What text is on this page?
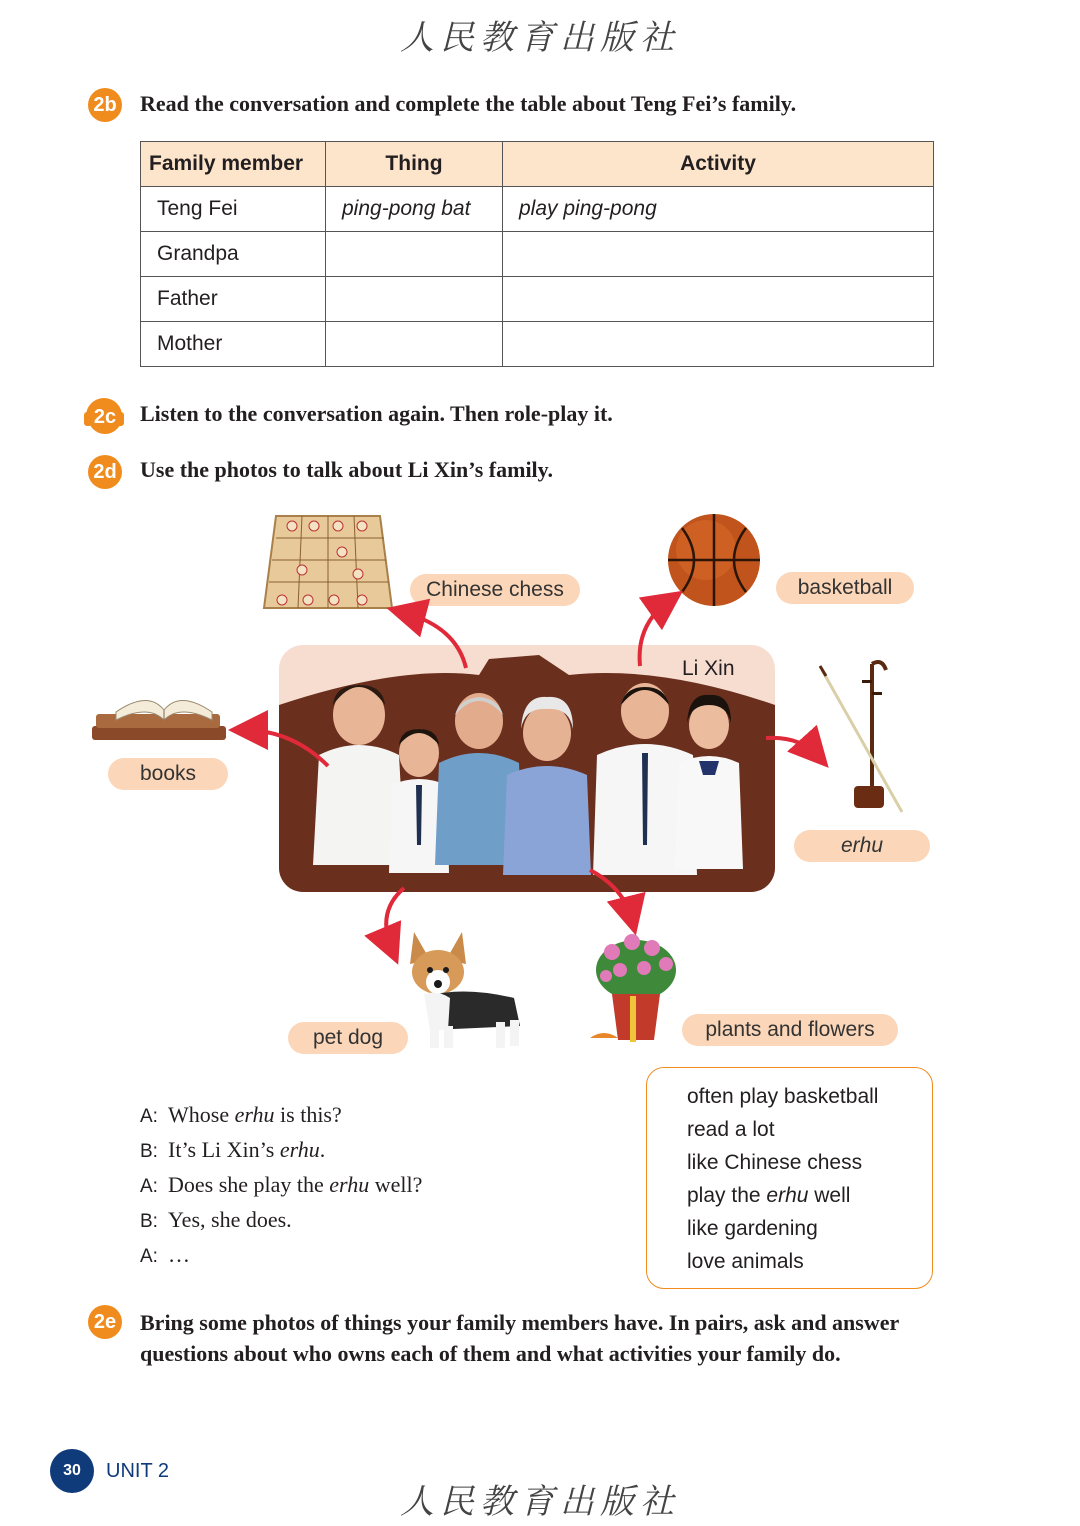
人民教育出版社
2b Read the conversation and complete the table about Teng Fei’s family.
Family member	Thing	Activity
Teng Fei	ping-pong bat	play ping-pong
Grandpa		
Father		
Mother		
2c Listen to the conversation again. Then role-play it.
2d Use the photos to talk about Li Xin’s family.
Chinese chess	basketball
books
erhu
Li Xin
pet dog	plants and flowers
A: Whose erhu is this?
B: It’s Li Xin’s erhu.
A: Does she play the erhu well?
B: Yes, she does.
A: …
often play basketball
read a lot
like Chinese chess
play the erhu well
like gardening
love animals
2e Bring some photos of things your family members have. In pairs, ask and answer questions about who owns each of them and what activities your family do.
30	UNIT 2
人民教育出版社
